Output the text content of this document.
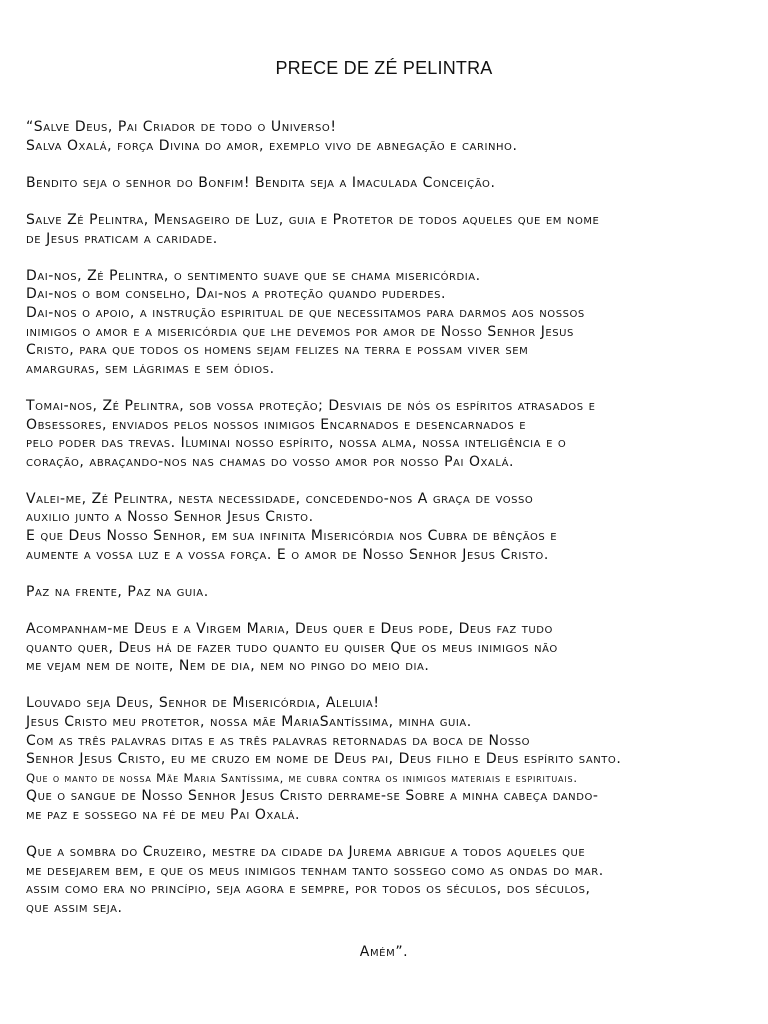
PRECE DE ZÉ PELINTRA
“Salve Deus, Pai Criador de todo o Universo!
Salva Oxalá, força Divina do amor, exemplo vivo de abnegação e carinho.
Bendito seja o senhor do Bonfim! Bendita seja a Imaculada Conceição.
Salve Zé Pelintra, Mensageiro de Luz, guia e Protetor de todos aqueles que em nome
de Jesus praticam a caridade.
Dai-nos, Zé Pelintra, o sentimento suave que se chama misericórdia.
Dai-nos o bom conselho, Dai-nos a proteção quando puderdes.
Dai-nos o apoio, a instrução espiritual de que necessitamos para darmos aos nossos
inimigos o amor e a misericórdia que lhe devemos por amor de Nosso Senhor Jesus
Cristo, para que todos os homens sejam felizes na terra e possam viver sem
amarguras, sem lágrimas e sem ódios.
Tomai-nos, Zé Pelintra, sob vossa proteção; Desviais de nós os espíritos atrasados e
Obsessores, enviados pelos nossos inimigos Encarnados e desencarnados e
pelo poder das trevas. Iluminai nosso espírito, nossa alma, nossa inteligência e o
coração, abraçando-nos nas chamas do vosso amor por nosso Pai Oxalá.
Valei-me, Zé Pelintra, nesta necessidade, concedendo-nos A graça de vosso
auxilio junto a Nosso Senhor Jesus Cristo.
E que Deus Nosso Senhor, em sua infinita Misericórdia nos Cubra de bênçãos e
aumente a vossa luz e a vossa força. E o amor de Nosso Senhor Jesus Cristo.
Paz na frente, Paz na guia.
Acompanham-me Deus e a Virgem Maria, Deus quer e Deus pode, Deus faz tudo
quanto quer, Deus há de fazer tudo quanto eu quiser Que os meus inimigos não
me vejam nem de noite, Nem de dia, nem no pingo do meio dia.
Louvado seja Deus, Senhor de Misericórdia, Aleluia!
Jesus Cristo meu protetor, nossa mãe MariaSantíssima, minha guia.
Com as três palavras ditas e as três palavras retornadas da boca de Nosso
Senhor Jesus Cristo, eu me cruzo em nome de Deus pai, Deus filho e Deus espírito santo.
Que o manto de nossa Mãe Maria Santíssima, me cubra contra os inimigos materiais e espirituais.
Que o sangue de Nosso Senhor Jesus Cristo derrame-se Sobre a minha cabeça dando-
me paz e sossego na fé de meu Pai Oxalá.
Que a sombra do Cruzeiro, mestre da cidade da Jurema abrigue a todos aqueles que
me desejarem bem, e que os meus inimigos tenham tanto sossego como as ondas do mar.
assim como era no princípio, seja agora e sempre, por todos os séculos, dos séculos,
que assim seja.
Amém”.
